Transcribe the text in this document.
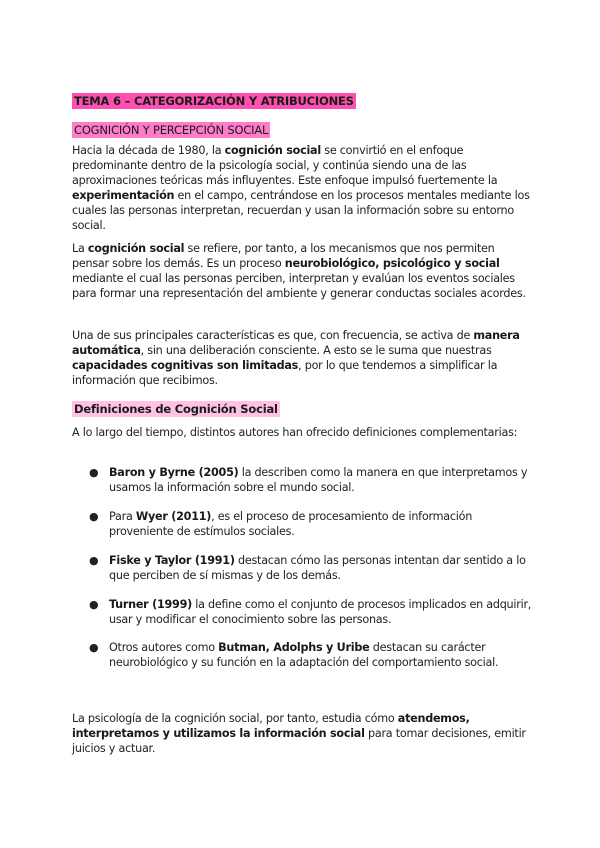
TEMA 6 – CATEGORIZACIÓN Y ATRIBUCIONES
COGNICIÓN Y PERCEPCIÓN SOCIAL

Hacia la década de 1980, la cognición social se convirtió en el enfoque predominante dentro de la psicología social, y continúa siendo una de las aproximaciones teóricas más influyentes. Este enfoque impulsó fuertemente la experimentación en el campo, centrándose en los procesos mentales mediante los cuales las personas interpretan, recuerdan y usan la información sobre su entorno social.

La cognición social se refiere, por tanto, a los mecanismos que nos permiten pensar sobre los demás. Es un proceso neurobiológico, psicológico y social mediante el cual las personas perciben, interpretan y evalúan los eventos sociales para formar una representación del ambiente y generar conductas sociales acordes.

Una de sus principales características es que, con frecuencia, se activa de manera automática, sin una deliberación consciente. A esto se le suma que nuestras capacidades cognitivas son limitadas, por lo que tendemos a simplificar la información que recibimos.

Definiciones de Cognición Social

A lo largo del tiempo, distintos autores han ofrecido definiciones complementarias:

● Baron y Byrne (2005) la describen como la manera en que interpretamos y usamos la información sobre el mundo social.
● Para Wyer (2011), es el proceso de procesamiento de información proveniente de estímulos sociales.
● Fiske y Taylor (1991) destacan cómo las personas intentan dar sentido a lo que perciben de sí mismas y de los demás.
● Turner (1999) la define como el conjunto de procesos implicados en adquirir, usar y modificar el conocimiento sobre las personas.
● Otros autores como Butman, Adolphs y Uribe destacan su carácter neurobiológico y su función en la adaptación del comportamiento social.

La psicología de la cognición social, por tanto, estudia cómo atendemos, interpretamos y utilizamos la información social para tomar decisiones, emitir juicios y actuar.
